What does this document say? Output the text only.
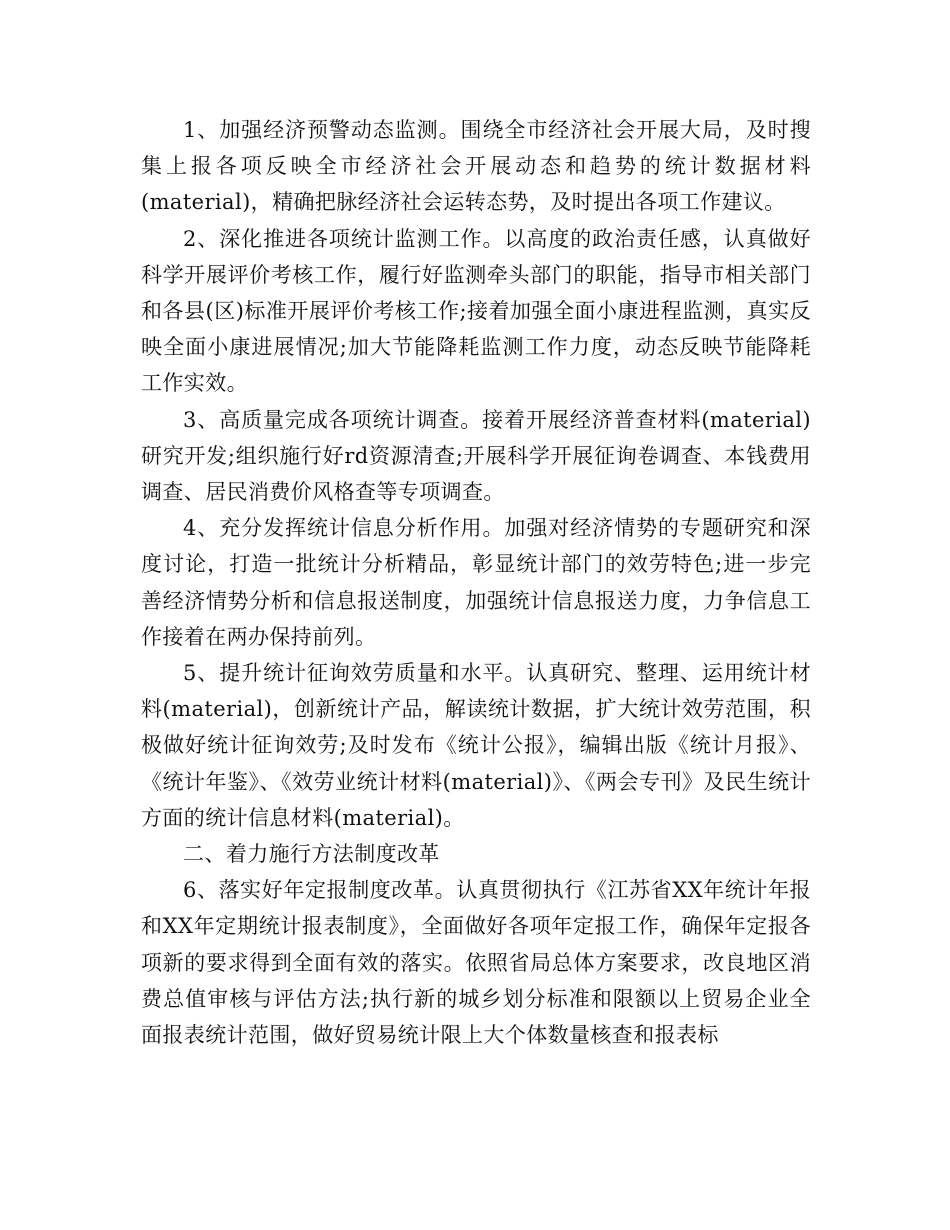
1、加强经济预警动态监测。围绕全市经济社会开展大局，及时搜集上报各项反映全市经济社会开展动态和趋势的统计数据材料(material)，精确把脉经济社会运转态势，及时提出各项工作建议。

2、深化推进各项统计监测工作。以高度的政治责任感，认真做好科学开展评价考核工作，履行好监测牵头部门的职能，指导市相关部门和各县(区)标准开展评价考核工作;接着加强全面小康进程监测，真实反映全面小康进展情况;加大节能降耗监测工作力度，动态反映节能降耗工作实效。

3、高质量完成各项统计调查。接着开展经济普查材料(material)研究开发;组织施行好rd资源清查;开展科学开展征询卷调查、本钱费用调查、居民消费价风格查等专项调查。

4、充分发挥统计信息分析作用。加强对经济情势的专题研究和深度讨论，打造一批统计分析精品，彰显统计部门的效劳特色;进一步完善经济情势分析和信息报送制度，加强统计信息报送力度，力争信息工作接着在两办保持前列。

5、提升统计征询效劳质量和水平。认真研究、整理、运用统计材料(material)，创新统计产品，解读统计数据，扩大统计效劳范围，积极做好统计征询效劳;及时发布《统计公报》，编辑出版《统计月报》、《统计年鉴》、《效劳业统计材料(material)》、《两会专刊》及民生统计方面的统计信息材料(material)。

二、着力施行方法制度改革

6、落实好年定报制度改革。认真贯彻执行《江苏省XX年统计年报和XX年定期统计报表制度》，全面做好各项年定报工作，确保年定报各项新的要求得到全面有效的落实。依照省局总体方案要求，改良地区消费总值审核与评估方法;执行新的城乡划分标准和限额以上贸易企业全面报表统计范围，做好贸易统计限上大个体数量核查和报表标
